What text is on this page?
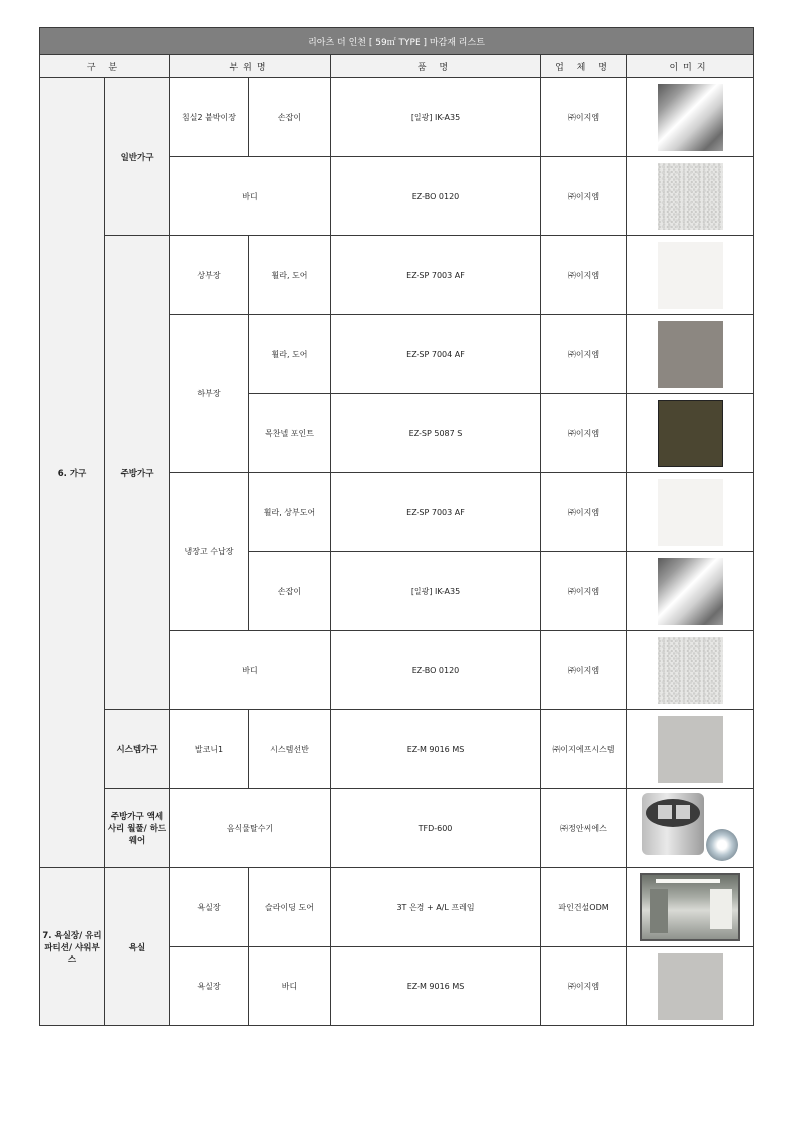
리아츠 더 인천 [ 59㎡ TYPE ] 마감재 리스트						
구 분		부위명		품 명	업 체 명	이미지
6. 가구	일반가구	침실2 붙박이장	손잡이	[일광] IK-A35	㈜이지엠	

		바디		EZ-BO 0120	㈜이지엠	

	주방가구	상부장	휠라, 도어	EZ-SP 7003 AF	㈜이지엠	

		하부장	휠라, 도어	EZ-SP 7004 AF	㈜이지엠	

			목찬넬 포인트	EZ-SP 5087 S	㈜이지엠	

		냉장고 수납장	휠라, 상부도어	EZ-SP 7003 AF	㈜이지엠	

			손잡이	[일광] IK-A35	㈜이지엠	

		바디		EZ-BO 0120	㈜이지엠	

	시스템가구	발코니1	시스템선반	EZ-M 9016 MS	㈜이지에프시스템	

	주방가구 액세사리 월풀/ 하드웨어	음식물탈수기		TFD-600	㈜정안씨에스	

7. 욕실장/ 유리파티션/ 샤워부스	욕실	욕실장	슬라이딩 도어	3T 은경 + A/L 프레임	파인건설ODM	

		욕실장	바디	EZ-M 9016 MS	㈜이지엠	
